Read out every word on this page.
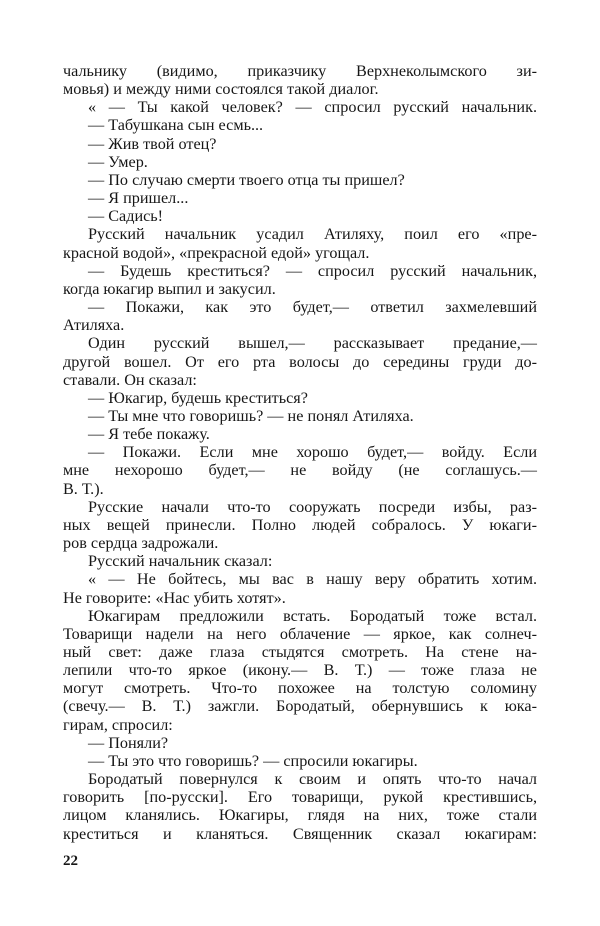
чальнику (видимо, приказчику Верхнеколымского зи-
мовья) и между ними состоялся такой диалог.
« — Ты какой человек? — спросил русский начальник.
— Табушкана сын есмь...
— Жив твой отец?
— Умер.
— По случаю смерти твоего отца ты пришел?
— Я пришел...
— Садись!
Русский начальник усадил Атиляху, поил его «пре-
красной водой», «прекрасной едой» угощал.
— Будешь креститься? — спросил русский начальник,
когда юкагир выпил и закусил.
— Покажи, как это будет,— ответил захмелевший
Атиляха.
Один русский вышел,— рассказывает предание,—
другой вошел. От его рта волосы до середины груди до-
ставали. Он сказал:
— Юкагир, будешь креститься?
— Ты мне что говоришь? — не понял Атиляха.
— Я тебе покажу.
— Покажи. Если мне хорошо будет,— войду. Если
мне нехорошо будет,— не войду (не соглашусь.—
В. Т.).
Русские начали что-то сооружать посреди избы, раз-
ных вещей принесли. Полно людей собралось. У юкаги-
ров сердца задрожали.
Русский начальник сказал:
« — Не бойтесь, мы вас в нашу веру обратить хотим.
Не говорите: «Нас убить хотят».
Юкагирам предложили встать. Бородатый тоже встал.
Товарищи надели на него облачение — яркое, как солнеч-
ный свет: даже глаза стыдятся смотреть. На стене на-
лепили что-то яркое (икону.— В. Т.) — тоже глаза не
могут смотреть. Что-то похожее на толстую соломину
(свечу.— В. Т.) зажгли. Бородатый, обернувшись к юка-
гирам, спросил:
— Поняли?
— Ты это что говоришь? — спросили юкагиры.
Бородатый повернулся к своим и опять что-то начал
говорить [по-русски]. Его товарищи, рукой крестившись,
лицом кланялись. Юкагиры, глядя на них, тоже стали
креститься и кланяться. Священник сказал юкагирам:
22
